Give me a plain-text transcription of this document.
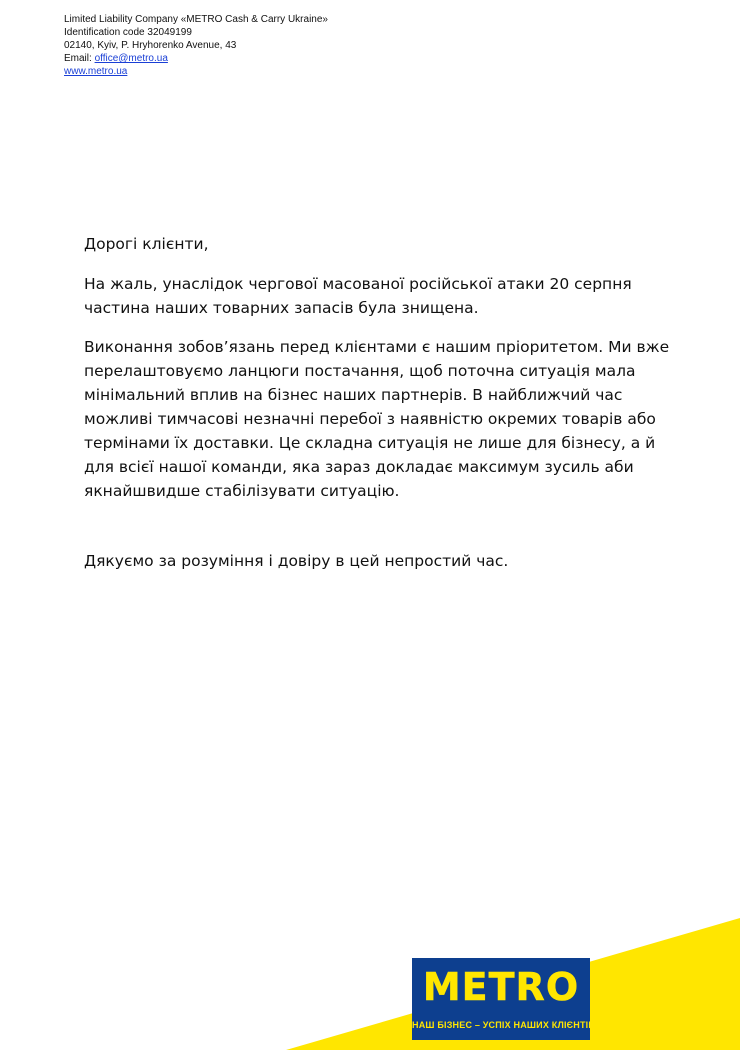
Limited Liability Company «METRO Cash & Carry Ukraine»
Identification code 32049199
02140, Kyiv, P. Hryhorenko Avenue, 43
Email: office@metro.ua
www.metro.ua
Дорогі клієнти,

На жаль, унаслідок чергової масованої російської атаки 20 серпня частина наших товарних запасів була знищена.

Виконання зобов’язань перед клієнтами є нашим пріоритетом. Ми вже перелаштовуємо ланцюги постачання, щоб поточна ситуація мала мінімальний вплив на бізнес наших партнерів. В найближчий час можливі тимчасові незначні перебої з наявністю окремих товарів або термінами їх доставки. Це складна ситуація не лише для бізнесу, а й для всієї нашої команди, яка зараз докладає максимум зусиль аби якнайшвидше стабілізувати ситуацію.

Дякуємо за розуміння і довіру в цей непростий час.
METRO
НАШ БІЗНЕС – УСПІХ НАШИХ КЛІЄНТІВ
